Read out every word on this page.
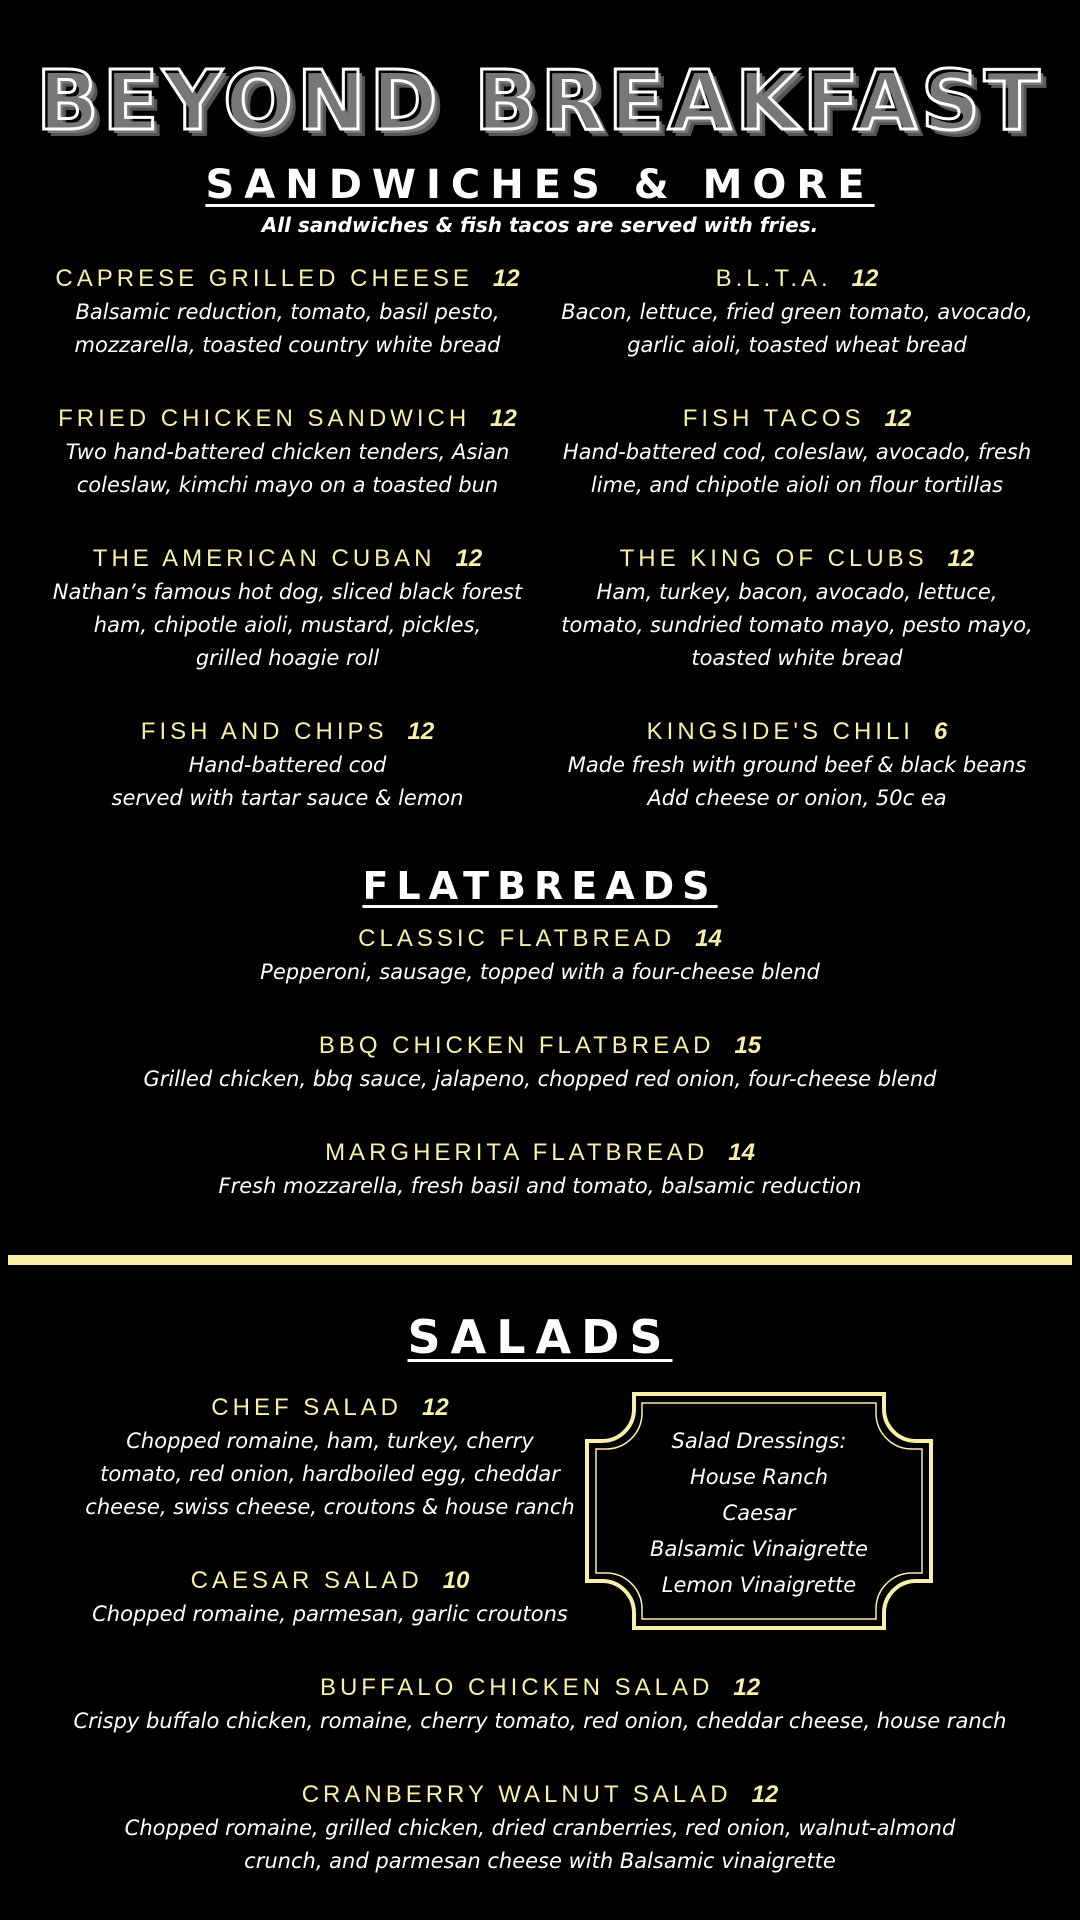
BEYOND BREAKFAST
SANDWICHES & MORE
All sandwiches & fish tacos are served with fries.
CAPRESE GRILLED CHEESE 12
Balsamic reduction, tomato, basil pesto,
mozzarella, toasted country white bread
FRIED CHICKEN SANDWICH 12
Two hand-battered chicken tenders, Asian
coleslaw, kimchi mayo on a toasted bun
THE AMERICAN CUBAN 12
Nathan’s famous hot dog, sliced black forest
ham, chipotle aioli, mustard, pickles,
grilled hoagie roll
FISH AND CHIPS 12
Hand-battered cod
served with tartar sauce & lemon
B.L.T.A. 12
Bacon, lettuce, fried green tomato, avocado,
garlic aioli, toasted wheat bread
FISH TACOS 12
Hand-battered cod, coleslaw, avocado, fresh
lime, and chipotle aioli on flour tortillas
THE KING OF CLUBS 12
Ham, turkey, bacon, avocado, lettuce,
tomato, sundried tomato mayo, pesto mayo,
toasted white bread
KINGSIDE'S CHILI 6
Made fresh with ground beef & black beans
Add cheese or onion, 50c ea
FLATBREADS
CLASSIC FLATBREAD 14
Pepperoni, sausage, topped with a four-cheese blend
BBQ CHICKEN FLATBREAD 15
Grilled chicken, bbq sauce, jalapeno, chopped red onion, four-cheese blend
MARGHERITA FLATBREAD 14
Fresh mozzarella, fresh basil and tomato, balsamic reduction
SALADS
CHEF SALAD 12
Chopped romaine, ham, turkey, cherry
tomato, red onion, hardboiled egg, cheddar
cheese, swiss cheese, croutons & house ranch
CAESAR SALAD 10
Chopped romaine, parmesan, garlic croutons
Salad Dressings:
House Ranch
Caesar
Balsamic Vinaigrette
Lemon Vinaigrette
BUFFALO CHICKEN SALAD 12
Crispy buffalo chicken, romaine, cherry tomato, red onion, cheddar cheese, house ranch
CRANBERRY WALNUT SALAD 12
Chopped romaine, grilled chicken, dried cranberries, red onion, walnut-almond
crunch, and parmesan cheese with Balsamic vinaigrette
